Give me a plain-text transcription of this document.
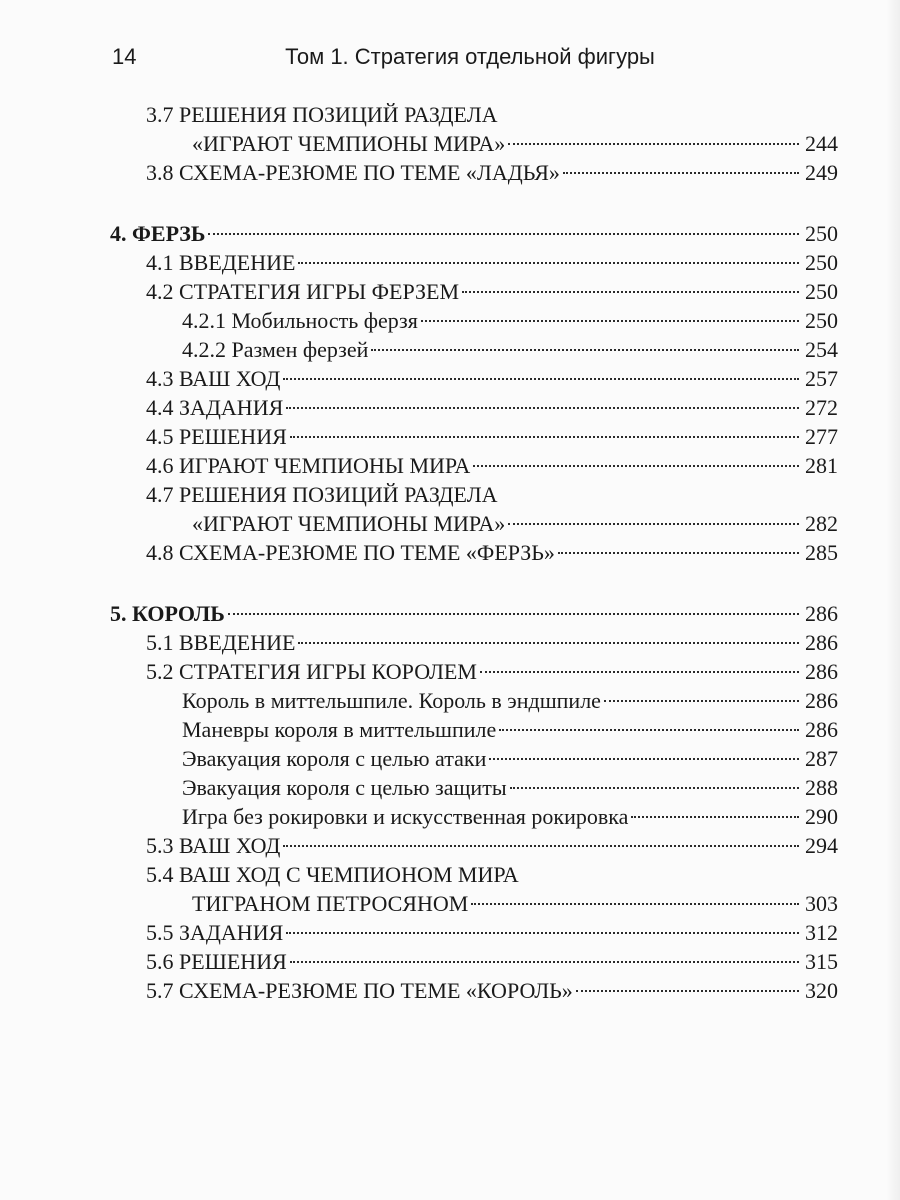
14	Том 1. Стратегия отдельной фигуры
3.7 РЕШЕНИЯ ПОЗИЦИЙ РАЗДЕЛА
«ИГРАЮТ ЧЕМПИОНЫ МИРА»	244
3.8 СХЕМА-РЕЗЮМЕ ПО ТЕМЕ «ЛАДЬЯ»	249
4. ФЕРЗЬ	250
4.1 ВВЕДЕНИЕ	250
4.2 СТРАТЕГИЯ ИГРЫ ФЕРЗЕМ	250
4.2.1 Мобильность ферзя	250
4.2.2 Размен ферзей	254
4.3 ВАШ ХОД	257
4.4 ЗАДАНИЯ	272
4.5 РЕШЕНИЯ	277
4.6 ИГРАЮТ ЧЕМПИОНЫ МИРА	281
4.7 РЕШЕНИЯ ПОЗИЦИЙ РАЗДЕЛА
«ИГРАЮТ ЧЕМПИОНЫ МИРА»	282
4.8 СХЕМА-РЕЗЮМЕ ПО ТЕМЕ «ФЕРЗЬ»	285
5. КОРОЛЬ	286
5.1 ВВЕДЕНИЕ	286
5.2 СТРАТЕГИЯ ИГРЫ КОРОЛЕМ	286
Король в миттельшпиле. Король в эндшпиле	286
Маневры короля в миттельшпиле	286
Эвакуация короля с целью атаки	287
Эвакуация короля с целью защиты	288
Игра без рокировки и искусственная рокировка	290
5.3 ВАШ ХОД	294
5.4 ВАШ ХОД С ЧЕМПИОНОМ МИРА
ТИГРАНОМ ПЕТРОСЯНОМ	303
5.5 ЗАДАНИЯ	312
5.6 РЕШЕНИЯ	315
5.7 СХЕМА-РЕЗЮМЕ ПО ТЕМЕ «КОРОЛЬ»	320
